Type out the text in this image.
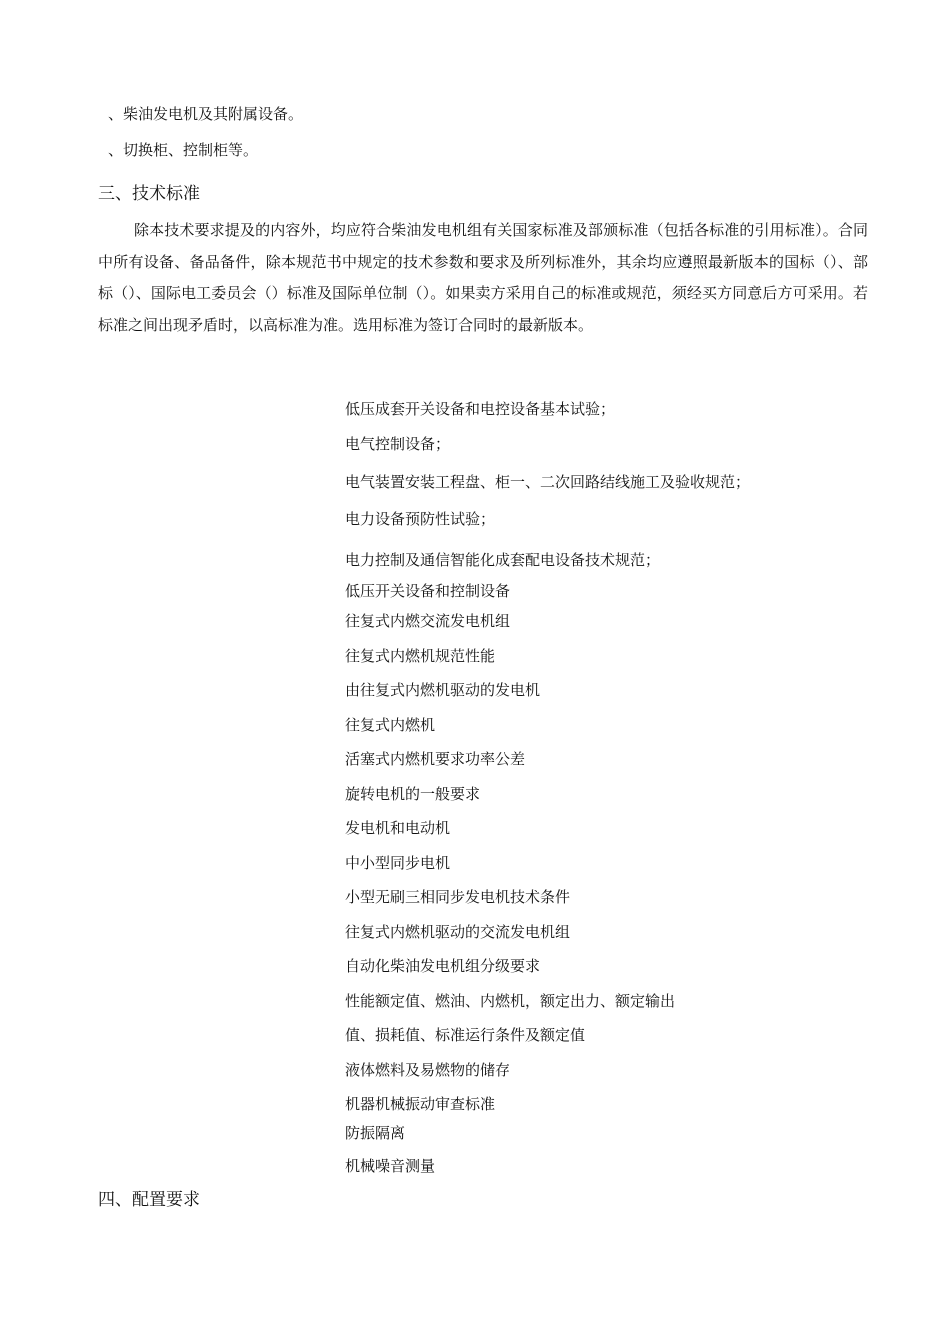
、柴油发电机及其附属设备。
、切换柜、控制柜等。
三、技术标准
除本技术要求提及的内容外，均应符合柴油发电机组有关国家标准及部颁标准（包括各标准的引用标准）。合同中所有设备、备品备件，除本规范书中规定的技术参数和要求及所列标准外，其余均应遵照最新版本的国标（）、部标（）、国际电工委员会（）标准及国际单位制（）。如果卖方采用自己的标准或规范，须经买方同意后方可采用。若标准之间出现矛盾时，以高标准为准。选用标准为签订合同时的最新版本。
低压成套开关设备和电控设备基本试验；
电气控制设备；
电气装置安装工程盘、柜一、二次回路结线施工及验收规范；
电力设备预防性试验；
电力控制及通信智能化成套配电设备技术规范；
低压开关设备和控制设备
往复式内燃交流发电机组
往复式内燃机规范性能
由往复式内燃机驱动的发电机
往复式内燃机
活塞式内燃机要求功率公差
旋转电机的一般要求
发电机和电动机
中小型同步电机
小型无刷三相同步发电机技术条件
往复式内燃机驱动的交流发电机组
自动化柴油发电机组分级要求
性能额定值、燃油、内燃机，额定出力、额定输出
值、损耗值、标准运行条件及额定值
液体燃料及易燃物的储存
机器机械振动审查标准
防振隔离
机械噪音测量
四、配置要求
